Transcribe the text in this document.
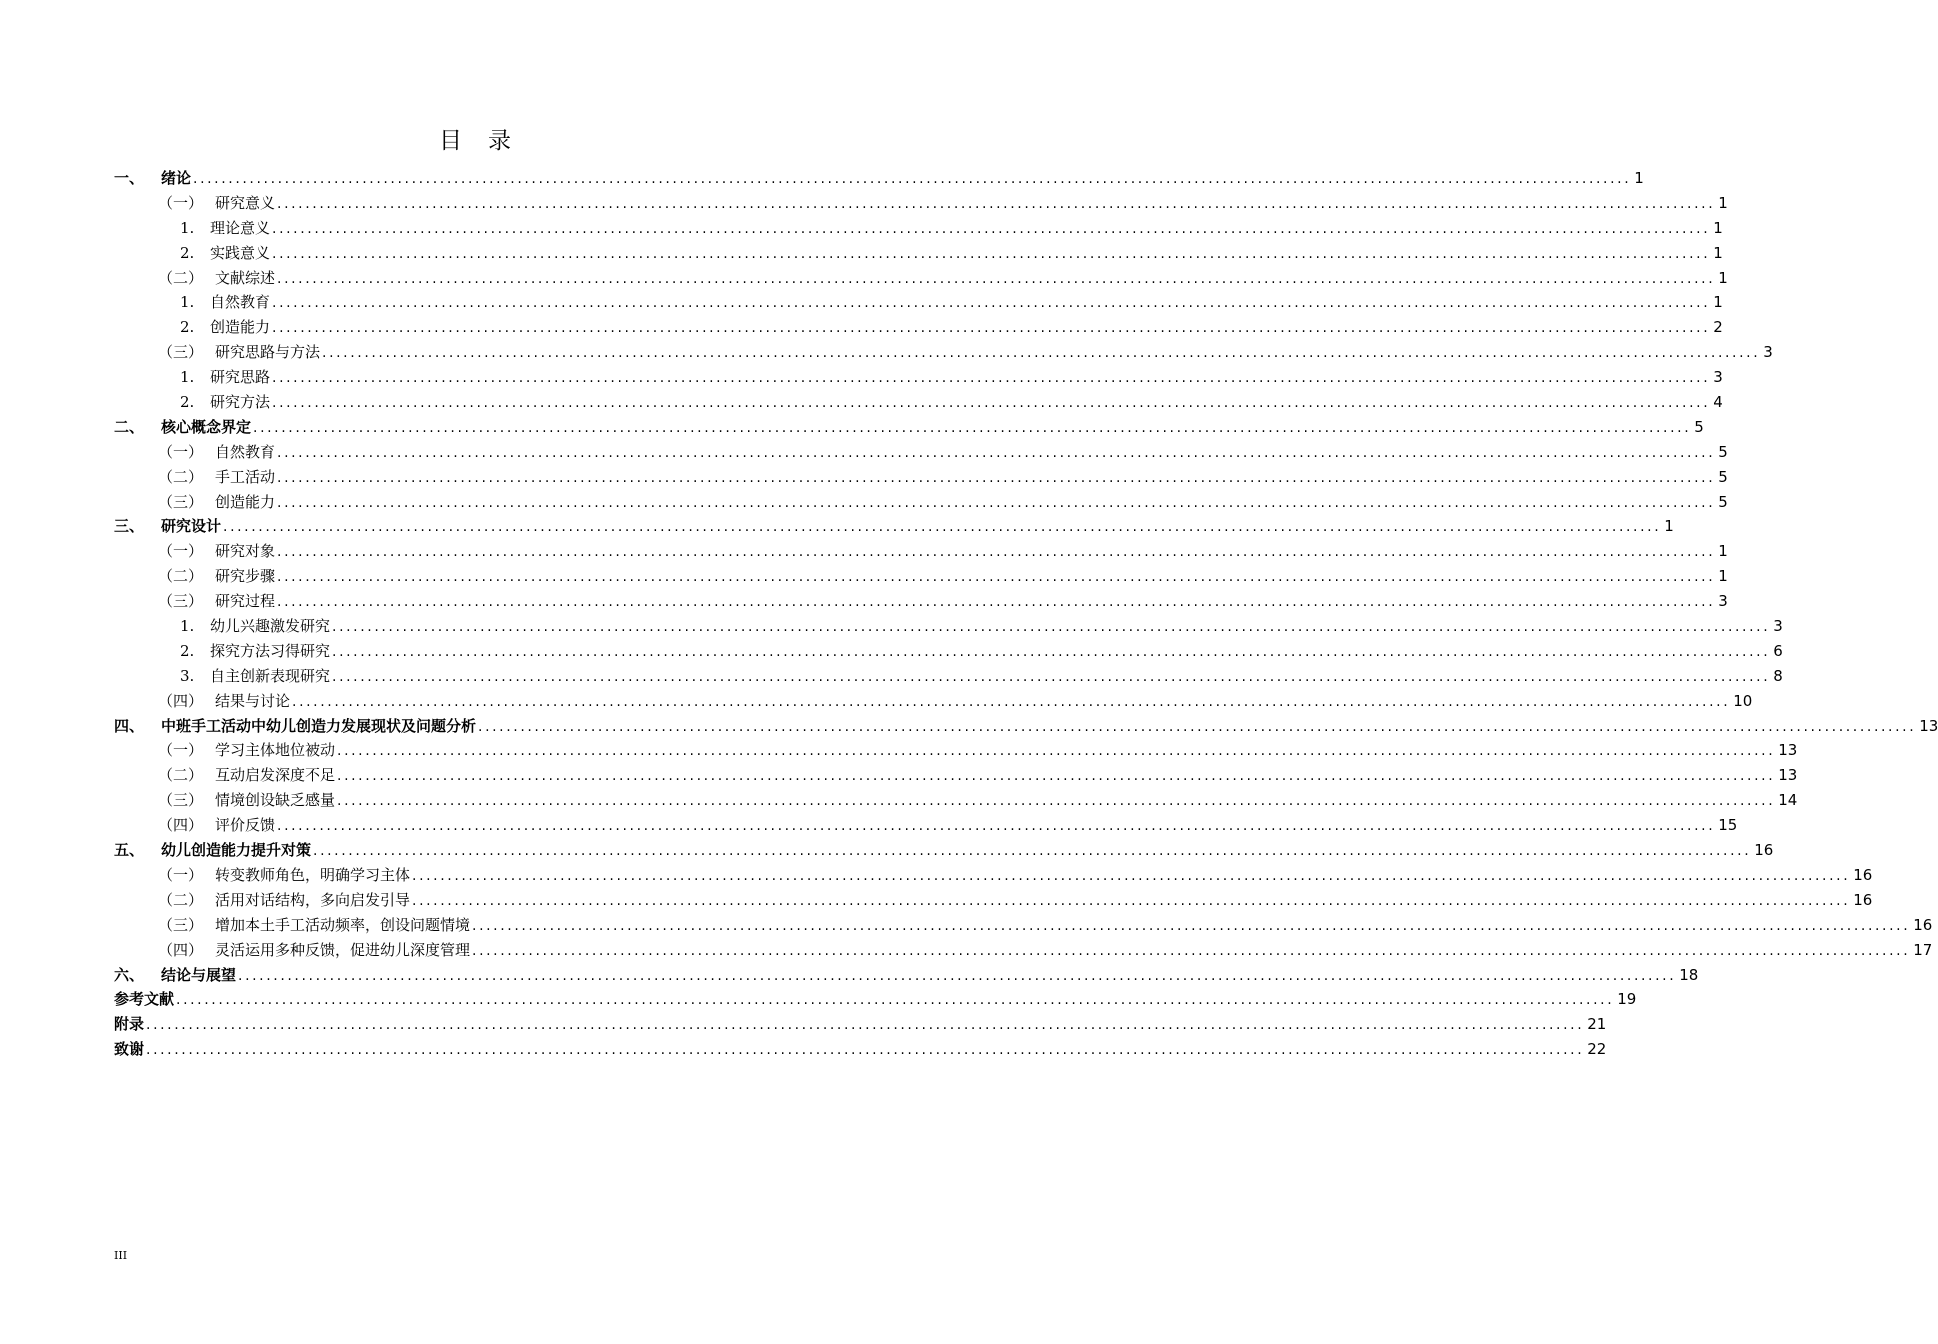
目录
一、	绪论 ............................................................................................................................................................................................................ 1
（一） 研究意义 ............................................................................................................................................................................................................ 1
1.	理论意义 ............................................................................................................................................................................................................ 1
2.	实践意义 ............................................................................................................................................................................................................ 1
（二） 文献综述 ............................................................................................................................................................................................................ 1
1.	自然教育 ............................................................................................................................................................................................................ 1
2.	创造能力 ............................................................................................................................................................................................................ 2
（三） 研究思路与方法 ............................................................................................................................................................................................................ 3
1.	研究思路 ............................................................................................................................................................................................................ 3
2.	研究方法 ............................................................................................................................................................................................................ 4
二、	核心概念界定 ............................................................................................................................................................................................................ 5
（一） 自然教育 ............................................................................................................................................................................................................ 5
（二） 手工活动 ............................................................................................................................................................................................................ 5
（三） 创造能力 ............................................................................................................................................................................................................ 5
三、	研究设计 ............................................................................................................................................................................................................ 1
（一） 研究对象 ............................................................................................................................................................................................................ 1
（二） 研究步骤 ............................................................................................................................................................................................................ 1
（三） 研究过程 ............................................................................................................................................................................................................ 3
1.	幼儿兴趣激发研究 ............................................................................................................................................................................................................ 3
2.	探究方法习得研究 ............................................................................................................................................................................................................ 6
3.	自主创新表现研究 ............................................................................................................................................................................................................ 8
（四） 结果与讨论 ............................................................................................................................................................................................................ 10
四、	中班手工活动中幼儿创造力发展现状及问题分析 ............................................................................................................................................................................................................ 13
（一） 学习主体地位被动 ............................................................................................................................................................................................................ 13
（二） 互动启发深度不足 ............................................................................................................................................................................................................ 13
（三） 情境创设缺乏感量 ............................................................................................................................................................................................................ 14
（四） 评价反馈 ............................................................................................................................................................................................................ 15
五、	幼儿创造能力提升对策 ............................................................................................................................................................................................................ 16
（一） 转变教师角色，明确学习主体 ............................................................................................................................................................................................................ 16
（二） 活用对话结构，多向启发引导 ............................................................................................................................................................................................................ 16
（三） 增加本土手工活动频率，创设问题情境 ............................................................................................................................................................................................................ 16
（四） 灵活运用多种反馈，促进幼儿深度管理 ............................................................................................................................................................................................................ 17
六、	结论与展望 ............................................................................................................................................................................................................ 18
参考文献 ............................................................................................................................................................................................................ 19
附录 ............................................................................................................................................................................................................ 21
致谢 ............................................................................................................................................................................................................ 22
III
